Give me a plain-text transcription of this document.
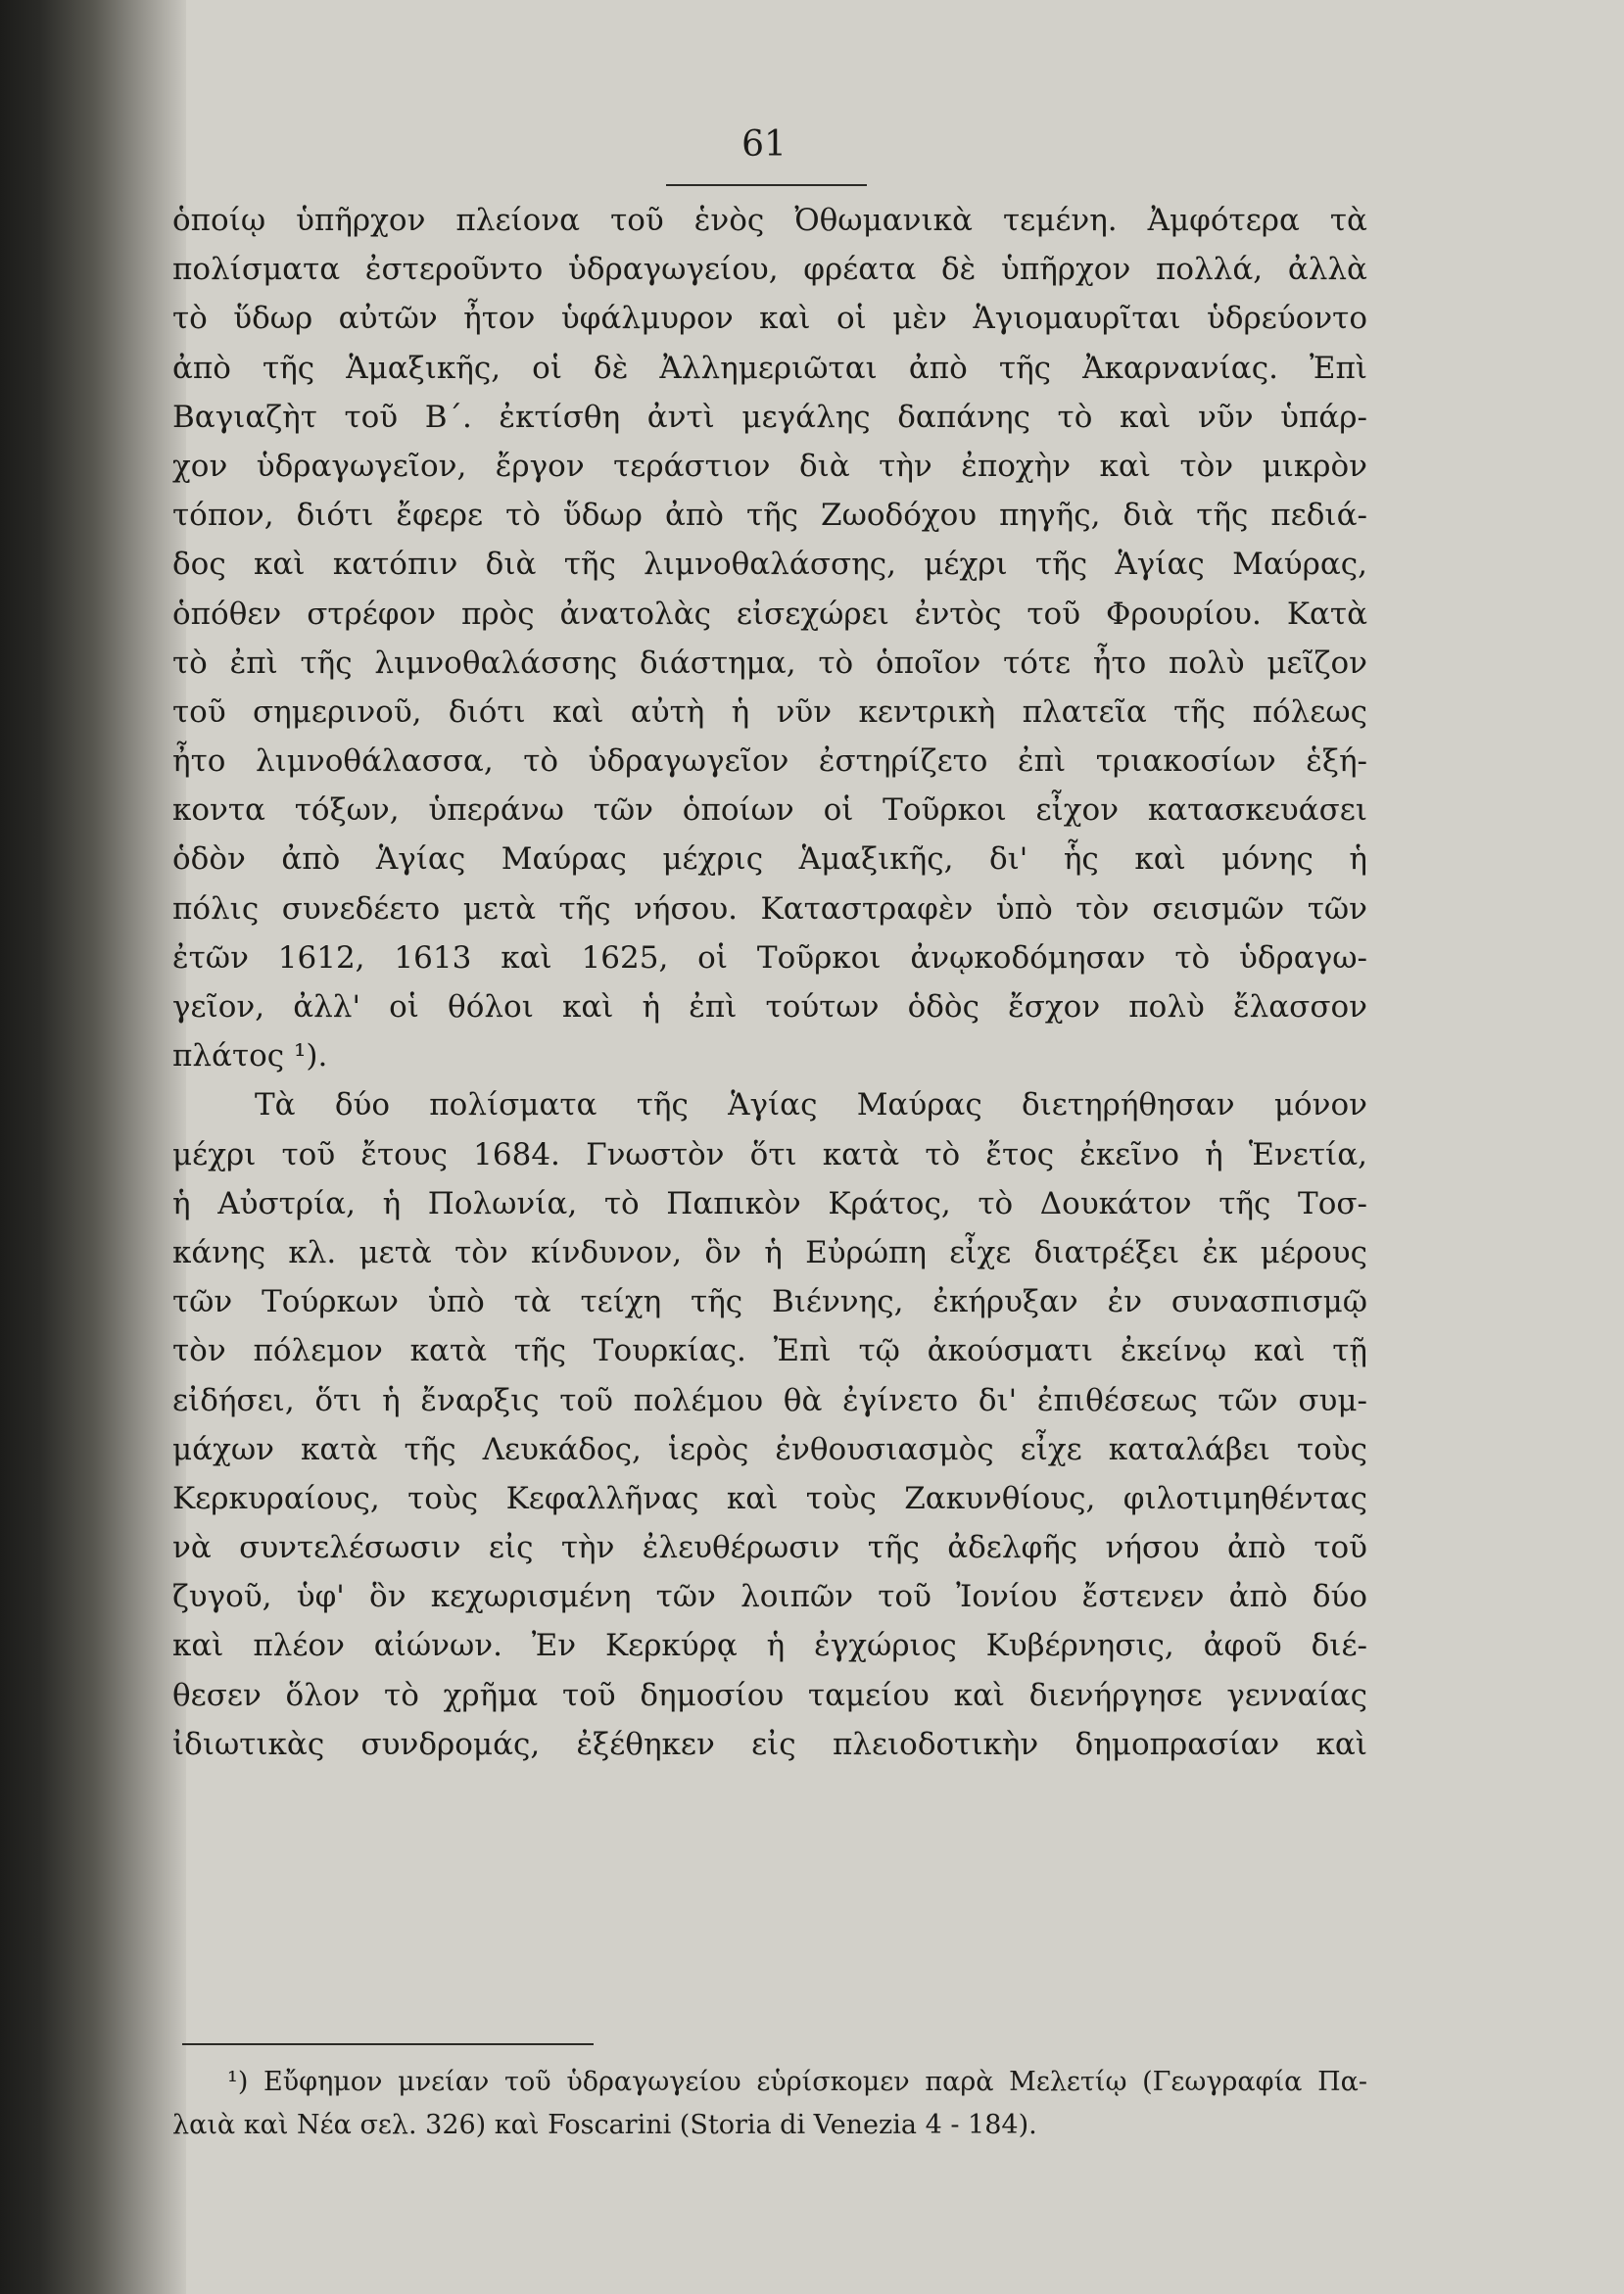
61
ὁποίῳ ὑπῆρχον πλείονα τοῦ ἑνὸς Ὀθωμανικὰ τεμένη. Ἀμφότερα τὰ
πολίσματα ἐστεροῦντο ὑδραγωγείου, φρέατα δὲ ὑπῆρχον πολλά, ἀλλὰ
τὸ ὕδωρ αὐτῶν ἦτον ὑφάλμυρον καὶ οἱ μὲν Ἁγιομαυρῖται ὑδρεύοντο
ἀπὸ τῆς Ἁμαξικῆς, οἱ δὲ Ἀλλημεριῶται ἀπὸ τῆς Ἀκαρνανίας. Ἐπὶ
Βαγιαζὴτ τοῦ Β΄. ἐκτίσθη ἀντὶ μεγάλης δαπάνης τὸ καὶ νῦν ὑπάρ-
χον ὑδραγωγεῖον, ἔργον τεράστιον διὰ τὴν ἐποχὴν καὶ τὸν μικρὸν
τόπον, διότι ἔφερε τὸ ὕδωρ ἀπὸ τῆς Ζωοδόχου πηγῆς, διὰ τῆς πεδιά-
δος καὶ κατόπιν διὰ τῆς λιμνοθαλάσσης, μέχρι τῆς Ἁγίας Μαύρας,
ὁπόθεν στρέφον πρὸς ἀνατολὰς εἰσεχώρει ἐντὸς τοῦ Φρουρίου. Κατὰ
τὸ ἐπὶ τῆς λιμνοθαλάσσης διάστημα, τὸ ὁποῖον τότε ἦτο πολὺ μεῖζον
τοῦ σημερινοῦ, διότι καὶ αὐτὴ ἡ νῦν κεντρικὴ πλατεῖα τῆς πόλεως
ἦτο λιμνοθάλασσα, τὸ ὑδραγωγεῖον ἐστηρίζετο ἐπὶ τριακοσίων ἑξή-
κοντα τόξων, ὑπεράνω τῶν ὁποίων οἱ Τοῦρκοι εἶχον κατασκευάσει
ὁδὸν ἀπὸ Ἁγίας Μαύρας μέχρις Ἁμαξικῆς, δι' ἧς καὶ μόνης ἡ
πόλις συνεδέετο μετὰ τῆς νήσου. Καταστραφὲν ὑπὸ τὸν σεισμῶν τῶν
ἐτῶν 1612, 1613 καὶ 1625, οἱ Τοῦρκοι ἀνῳκοδόμησαν τὸ ὑδραγω-
γεῖον, ἀλλ' οἱ θόλοι καὶ ἡ ἐπὶ τούτων ὁδὸς ἔσχον πολὺ ἔλασσον
πλάτος ¹).
Τὰ δύο πολίσματα τῆς Ἁγίας Μαύρας διετηρήθησαν μόνον
μέχρι τοῦ ἔτους 1684. Γνωστὸν ὅτι κατὰ τὸ ἔτος ἐκεῖνο ἡ Ἑνετία,
ἡ Αὐστρία, ἡ Πολωνία, τὸ Παπικὸν Κράτος, τὸ Δουκάτον τῆς Τοσ-
κάνης κλ. μετὰ τὸν κίνδυνον, ὃν ἡ Εὐρώπη εἶχε διατρέξει ἐκ μέρους
τῶν Τούρκων ὑπὸ τὰ τείχη τῆς Βιέννης, ἐκήρυξαν ἐν συνασπισμῷ
τὸν πόλεμον κατὰ τῆς Τουρκίας. Ἐπὶ τῷ ἀκούσματι ἐκείνῳ καὶ τῇ
εἰδήσει, ὅτι ἡ ἔναρξις τοῦ πολέμου θὰ ἐγίνετο δι' ἐπιθέσεως τῶν συμ-
μάχων κατὰ τῆς Λευκάδος, ἱερὸς ἐνθουσιασμὸς εἶχε καταλάβει τοὺς
Κερκυραίους, τοὺς Κεφαλλῆνας καὶ τοὺς Ζακυνθίους, φιλοτιμηθέντας
νὰ συντελέσωσιν εἰς τὴν ἐλευθέρωσιν τῆς ἀδελφῆς νήσου ἀπὸ τοῦ
ζυγοῦ, ὑφ' ὃν κεχωρισμένη τῶν λοιπῶν τοῦ Ἰονίου ἔστενεν ἀπὸ δύο
καὶ πλέον αἰώνων. Ἐν Κερκύρᾳ ἡ ἐγχώριος Κυβέρνησις, ἀφοῦ διέ-
θεσεν ὅλον τὸ χρῆμα τοῦ δημοσίου ταμείου καὶ διενήργησε γενναίας
ἰδιωτικὰς συνδρομάς, ἐξέθηκεν εἰς πλειοδοτικὴν δημοπρασίαν καὶ
¹) Εὔφημον μνείαν τοῦ ὑδραγωγείου εὑρίσκομεν παρὰ Μελετίῳ (Γεωγραφία Πα-
λαιὰ καὶ Νέα σελ. 326) καὶ Foscarini (Storia di Venezia 4 - 184).
